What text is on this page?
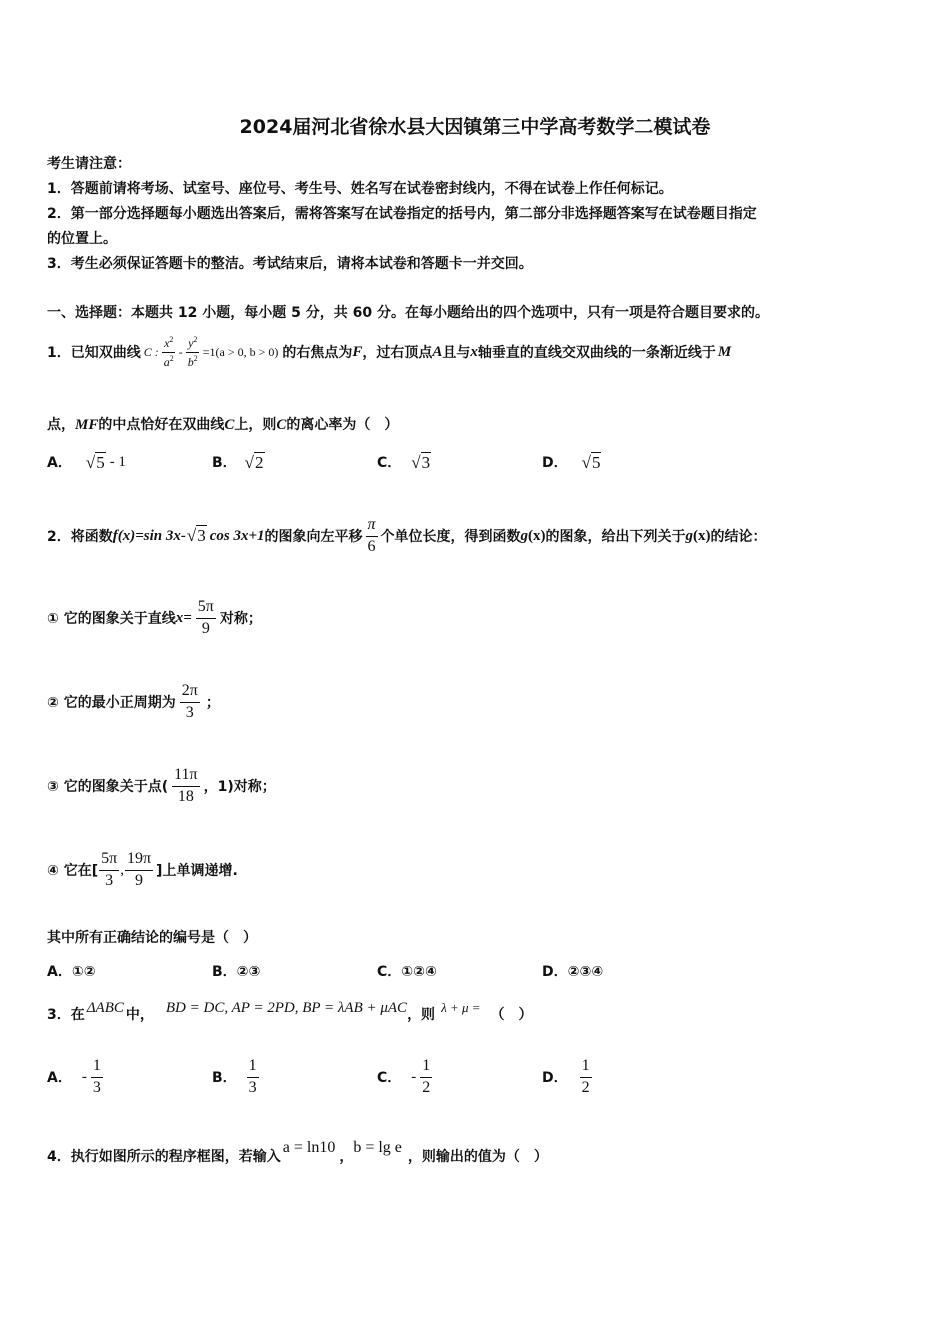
2024届河北省徐水县大因镇第三中学高考数学二模试卷
考生请注意：
1．答题前请将考场、试室号、座位号、考生号、姓名写在试卷密封线内，不得在试卷上作任何标记。
2．第一部分选择题每小题选出答案后，需将答案写在试卷指定的括号内，第二部分非选择题答案写在试卷题目指定
的位置上。
3．考生必须保证答题卡的整洁。考试结束后，请将本试卷和答题卡一并交回。
一、选择题：本题共 12 小题，每小题 5 分，共 60 分。在每小题给出的四个选项中，只有一项是符合题目要求的。
1．已知双曲线 C : $\frac{x^2}{a^2} - \frac{y^2}{b^2} =1(a > 0$, b > 0) 的右焦点为 F ，过右顶点 A 且与 x 轴垂直的直线交双曲线的一条渐近线于 M
点，MF的中点恰好在双曲线C上，则C的离心率为（　）
A． √5 - 1	B． √2	C． √3	D． √5
2．将函数 f(x)=sin 3x- √3 cos 3x+1 的图象向左平移 $\frac{\pi}{6}$ 个单位长度，得到函数 g (x) 的图象，给出下列关于 g (x) 的结论：
① 它的图象关于直线 $x= \frac{5\pi}{9}$ 对称；
② 它的最小正周期为 $\frac{2\pi}{3}$ ；
③ 它的图象关于点( $\frac{11\pi}{18}$ ，1)对称；
④ 它在[ $\frac{5\pi}{3}$ , $\frac{19\pi}{9}$ ]上单调递增.
其中所有正确结论的编号是（　）
A．①②	B．②③	C．①②④	D．②③④
3．在 ΔABC 中， BD = DC, AP = 2PD, BP = λAB + μAC ，则 λ + μ = （　）
A． - $\frac{1}{3}$	B． $\frac{1}{3}$	C． - $\frac{1}{2}$	D． $\frac{1}{2}$
4．执行如图所示的程序框图，若输入
a = ln10
，
b = lg e
，则输出的值为（　）
